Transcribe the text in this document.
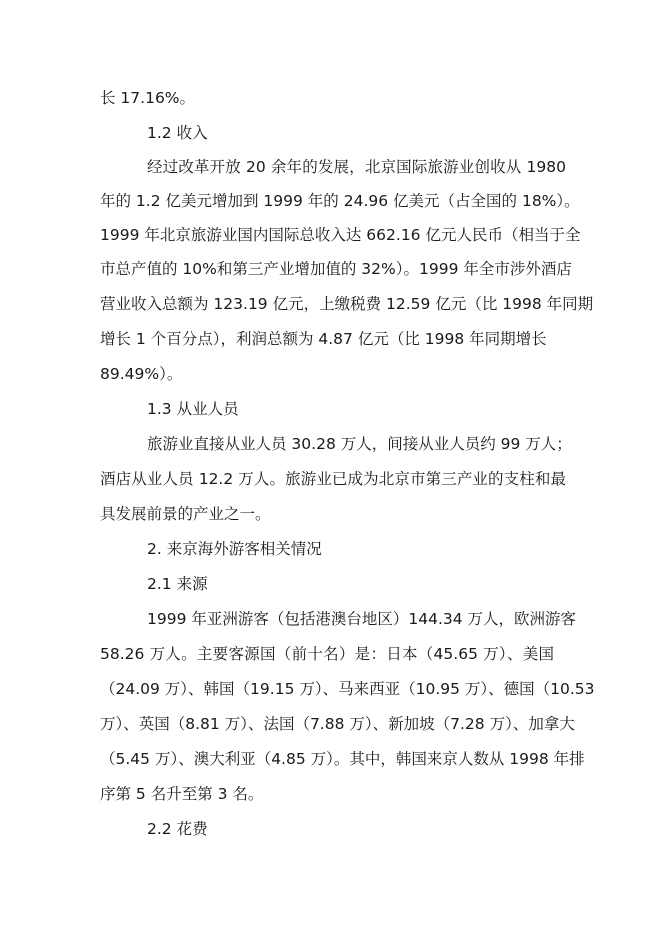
长 17.16%。
1.2 收入
经过改革开放 20 余年的发展，北京国际旅游业创收从 1980
年的 1.2 亿美元增加到 1999 年的 24.96 亿美元（占全国的 18%）。
1999 年北京旅游业国内国际总收入达 662.16 亿元人民币（相当于全
市总产值的 10%和第三产业增加值的 32%）。1999 年全市涉外酒店
营业收入总额为 123.19 亿元，上缴税费 12.59 亿元（比 1998 年同期
增长 1 个百分点），利润总额为 4.87 亿元（比 1998 年同期增长
89.49%）。
1.3 从业人员
旅游业直接从业人员 30.28 万人，间接从业人员约 99 万人；
酒店从业人员 12.2 万人。旅游业已成为北京市第三产业的支柱和最
具发展前景的产业之一。
2. 来京海外游客相关情况
2.1 来源
1999 年亚洲游客（包括港澳台地区）144.34 万人，欧洲游客
58.26 万人。主要客源国（前十名）是：日本（45.65 万）、美国
（24.09 万）、韩国（19.15 万）、马来西亚（10.95 万）、德国（10.53
万）、英国（8.81 万）、法国（7.88 万）、新加坡（7.28 万）、加拿大
（5.45 万）、澳大利亚（4.85 万）。其中，韩国来京人数从 1998 年排
序第 5 名升至第 3 名。
2.2 花费
